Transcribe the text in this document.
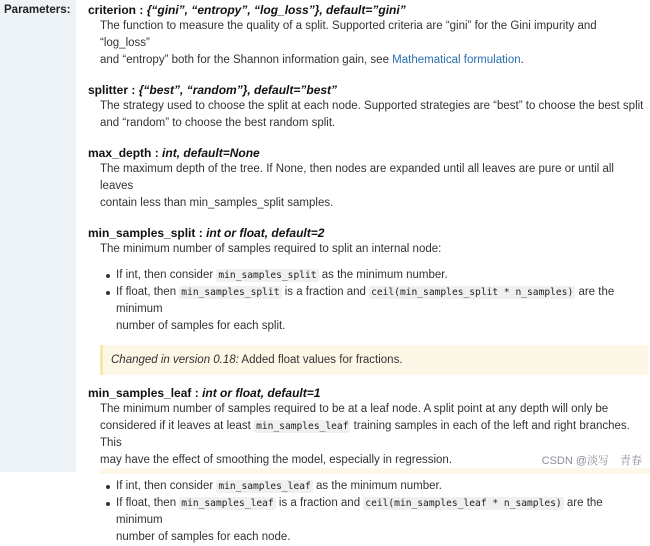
Parameters: criterion : {“gini”, “entropy”, “log_loss”}, default=”gini”

The function to measure the quality of a split. Supported criteria are “gini” for the Gini impurity and “log_loss”
and “entropy” both for the Shannon information gain, see Mathematical formulation.

splitter : {“best”, “random”}, default=”best”

The strategy used to choose the split at each node. Supported strategies are “best” to choose the best split
and “random” to choose the best random split.

max_depth : int, default=None

The maximum depth of the tree. If None, then nodes are expanded until all leaves are pure or until all leaves
contain less than min_samples_split samples.

min_samples_split : int or float, default=2

The minimum number of samples required to split an internal node:

If int, then consider min_samples_split as the minimum number.
If float, then min_samples_split is a fraction and ceil(min_samples_split * n_samples) are the minimum
number of samples for each split.
Changed in version 0.18: Added float values for fractions.

min_samples_leaf : int or float, default=1

The minimum number of samples required to be at a leaf node. A split point at any depth will only be
considered if it leaves at least min_samples_leaf training samples in each of the left and right branches. This
may have the effect of smoothing the model, especially in regression.

If int, then consider min_samples_leaf as the minimum number.
If float, then min_samples_leaf is a fraction and ceil(min_samples_leaf * n_samples) are the minimum
number of samples for each node.
CSDN @淡写　青春
